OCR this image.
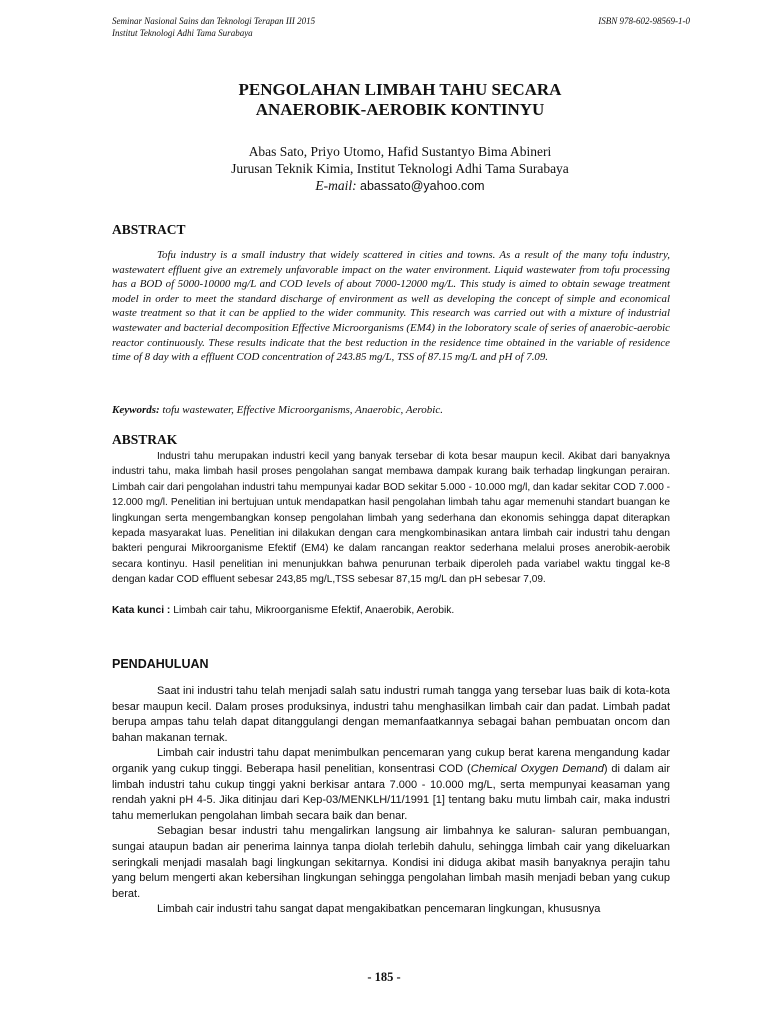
Seminar Nasional Sains dan Teknologi Terapan III 2015
Institut Teknologi Adhi Tama Surabaya
ISBN 978-602-98569-1-0
PENGOLAHAN LIMBAH TAHU SECARA
ANAEROBIK-AEROBIK KONTINYU
Abas Sato, Priyo Utomo, Hafid Sustantyo Bima Abineri
Jurusan Teknik Kimia, Institut Teknologi Adhi Tama Surabaya
E-mail: abassato@yahoo.com
ABSTRACT
Tofu industry is a small industry that widely scattered in cities and towns. As a result of the many tofu industry, wastewatert effluent give an extremely unfavorable impact on the water environment. Liquid wastewater from tofu processing has a BOD of 5000-10000 mg/L and COD levels of about 7000-12000 mg/L. This study is aimed to obtain sewage treatment model in order to meet the standard discharge of environment as well as developing the concept of simple and economical waste treatment so that it can be applied to the wider community. This research was carried out with a mixture of industrial wastewater and bacterial decomposition Effective Microorganisms (EM4) in the loboratory scale of series of anaerobic-aerobic reactor continuously. These results indicate that the best reduction in the residence time obtained in the variable of residence time of 8 day with a effluent COD concentration of 243.85 mg/L, TSS of 87.15 mg/L and pH of 7.09.
Keywords: tofu wastewater, Effective Microorganisms, Anaerobic, Aerobic.
ABSTRAK
Industri tahu merupakan industri kecil yang banyak tersebar di kota besar maupun kecil. Akibat dari banyaknya industri tahu, maka limbah hasil proses pengolahan sangat membawa dampak kurang baik terhadap lingkungan perairan. Limbah cair dari pengolahan industri tahu mempunyai kadar BOD sekitar 5.000 - 10.000 mg/l, dan kadar sekitar COD 7.000 - 12.000 mg/l. Penelitian ini bertujuan untuk mendapatkan hasil pengolahan limbah tahu agar memenuhi standart buangan ke lingkungan serta mengembangkan konsep pengolahan limbah yang sederhana dan ekonomis sehingga dapat diterapkan kepada masyarakat luas. Penelitian ini dilakukan dengan cara mengkombinasikan antara limbah cair industri tahu dengan bakteri pengurai Mikroorganisme Efektif (EM4) ke dalam rancangan reaktor sederhana melalui proses anerobik-aerobik secara kontinyu. Hasil penelitian ini menunjukkan bahwa penurunan terbaik diperoleh pada variabel waktu tinggal ke-8 dengan kadar COD effluent sebesar 243,85 mg/L,TSS sebesar 87,15 mg/L dan pH sebesar 7,09.
Kata kunci : Limbah cair tahu, Mikroorganisme Efektif, Anaerobik, Aerobik.
PENDAHULUAN

Saat ini industri tahu telah menjadi salah satu industri rumah tangga yang tersebar luas baik di kota-kota besar maupun kecil. Dalam proses produksinya, industri tahu menghasilkan limbah cair dan padat. Limbah padat berupa ampas tahu telah dapat ditanggulangi dengan memanfaatkannya sebagai bahan pembuatan oncom dan bahan makanan ternak.

Limbah cair industri tahu dapat menimbulkan pencemaran yang cukup berat karena mengandung kadar organik yang cukup tinggi. Beberapa hasil penelitian, konsentrasi COD (Chemical Oxygen Demand) di dalam air limbah industri tahu cukup tinggi yakni berkisar antara 7.000 - 10.000 mg/L, serta mempunyai keasaman yang rendah yakni pH 4-5. Jika ditinjau dari Kep-03/MENKLH/11/1991 [1] tentang baku mutu limbah cair, maka industri tahu memerlukan pengolahan limbah secara baik dan benar.

Sebagian besar industri tahu mengalirkan langsung air limbahnya ke saluran- saluran pembuangan, sungai ataupun badan air penerima lainnya tanpa diolah terlebih dahulu, sehingga limbah cair yang dikeluarkan seringkali menjadi masalah bagi lingkungan sekitarnya. Kondisi ini diduga akibat masih banyaknya perajin tahu yang belum mengerti akan kebersihan lingkungan sehingga pengolahan limbah masih menjadi beban yang cukup berat.

Limbah cair industri tahu sangat dapat mengakibatkan pencemaran lingkungan, khususnya

- 185 -
